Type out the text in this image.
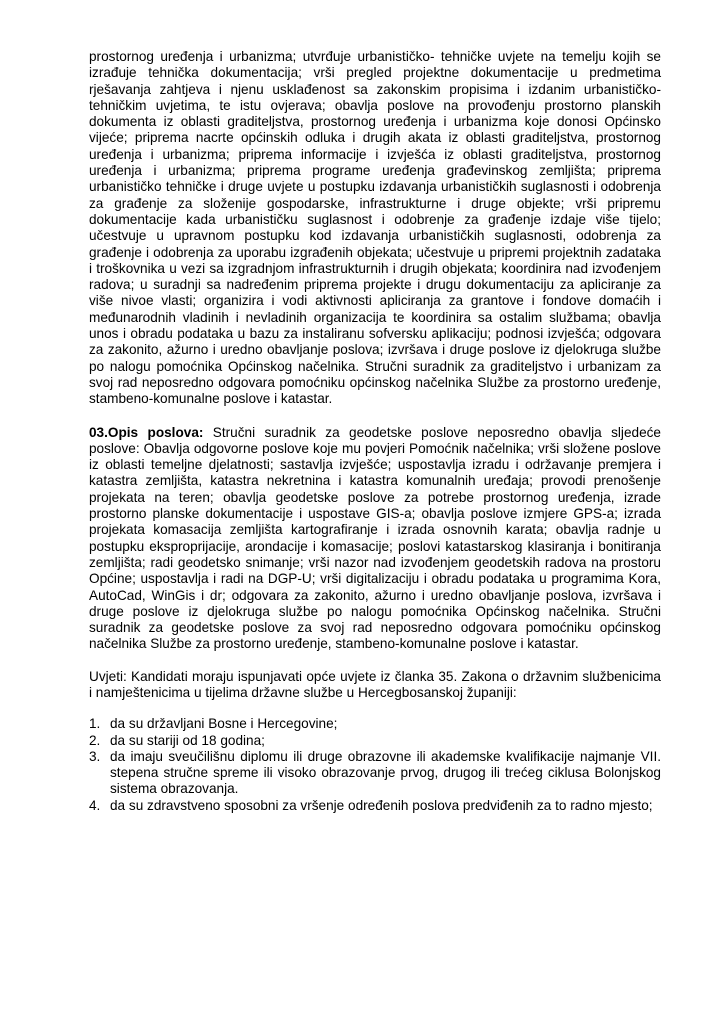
prostornog uređenja i urbanizma; utvrđuje urbanističko- tehničke uvjete na temelju kojih se izrađuje tehnička dokumentacija; vrši pregled projektne dokumentacije u predmetima rješavanja zahtjeva i njenu usklađenost sa zakonskim propisima i izdanim urbanističko-tehničkim uvjetima, te istu ovjerava; obavlja poslove na provođenju prostorno planskih dokumenta iz oblasti graditeljstva, prostornog uređenja i urbanizma koje donosi Općinsko vijeće; pripremа nacrte općinskih odluka i drugih akata iz oblasti graditeljstva, prostornog uređenja i urbanizma; priprema informacije i izvješća iz oblasti graditeljstva, prostornog uređenja i urbanizma; priprema programe uređenja građevinskog zemljišta; priprema urbanističko tehničke i druge uvjete u postupku izdavanja urbanističkih suglasnosti i odobrenja za građenje za složenije gospodarske, infrastrukturne i druge objekte; vrši pripremu dokumentacije kada urbanističku suglasnost i odobrenje za građenje izdaje više tijelo; učestvuje u upravnom postupku kod izdavanja urbanističkih suglasnosti, odobrenja za građenje i odobrenja za uporabu izgrađenih objekata; učestvuje u pripremi projektnih zadataka i troškovnika u vezi sa izgradnjom infrastrukturnih i drugih objekata; koordinira nad izvođenjem radova; u suradnji sa nadređenim priprema projekte i drugu dokumentaciju za apliciranje za više nivoe vlasti; organizira i vodi aktivnosti apliciranja za grantove i fondove domaćih i međunarodnih vladinih i nevladinih organizacija te koordinira sa ostalim službama; obavlja unos i obradu podataka u bazu za instaliranu sofversku aplikaciju; podnosi izvješća; odgovara za zakonito, ažurno i uredno obavljanje poslova; izvršava i druge poslove iz djelokruga službe po nalogu pomoćnika Općinskog načelnika. Stručni suradnik za graditeljstvo i urbanizam za svoj rad neposredno odgovara pomoćniku općinskog načelnika Službe za prostorno uređenje, stambeno-komunalne poslove i katastar.

03.Opis poslova: Stručni suradnik za geodetske poslove neposredno obavlja sljedeće poslove: Obavlja odgovorne poslove koje mu povjeri Pomoćnik načelnika; vrši složene poslove iz oblasti temeljne djelatnosti; sastavlja izvješće; uspostavlja izradu i održavanje premjera i katastra zemljišta, katastra nekretnina i katastra komunalnih uređaja; provodi prenošenje projekata na teren; obavlja geodetske poslove za potrebe prostornog uređenja, izrade prostorno planske dokumentacije i uspostave GIS-a; obavlja poslove izmjere GPS-a; izrada projekata komasacija zemljišta kartografiranje i izrada osnovnih karata; obavlja radnje u postupku eksproprijacije, arondacije i komasacije; poslovi katastarskog klasiranja i bonitiranja zemljišta; radi geodetsko snimanje; vrši nazor nad izvođenjem geodetskih radova na prostoru Općine; uspostavlja i radi na DGP-U; vrši digitalizaciju i obradu podataka u programima Kora, AutoCad, WinGis i dr; odgovara za zakonito, ažurno i uredno obavljanje poslova, izvršava i druge poslove iz djelokruga službe po nalogu pomoćnika Općinskog načelnika. Stručni suradnik za geodetske poslove za svoj rad neposredno odgovara pomoćniku općinskog načelnika Službe za prostorno uređenje, stambeno-komunalne poslove i katastar.

Uvjeti: Kandidati moraju ispunjavati opće uvjete iz članka 35. Zakona o državnim službenicima i namještenicima u tijelima državne službe u Hercegbosanskoj županiji:

1. da su državljani Bosne i Hercegovine;
2. da su stariji od 18 godina;
3. da imaju sveučilišnu diplomu ili druge obrazovne ili akademske kvalifikacije najmanje VII. stepena stručne spreme ili visoko obrazovanje prvog, drugog ili trećeg ciklusa Bolonjskog sistema obrazovanja.
4. da su zdravstveno sposobni za vršenje određenih poslova predviđenih za to radno mjesto;
